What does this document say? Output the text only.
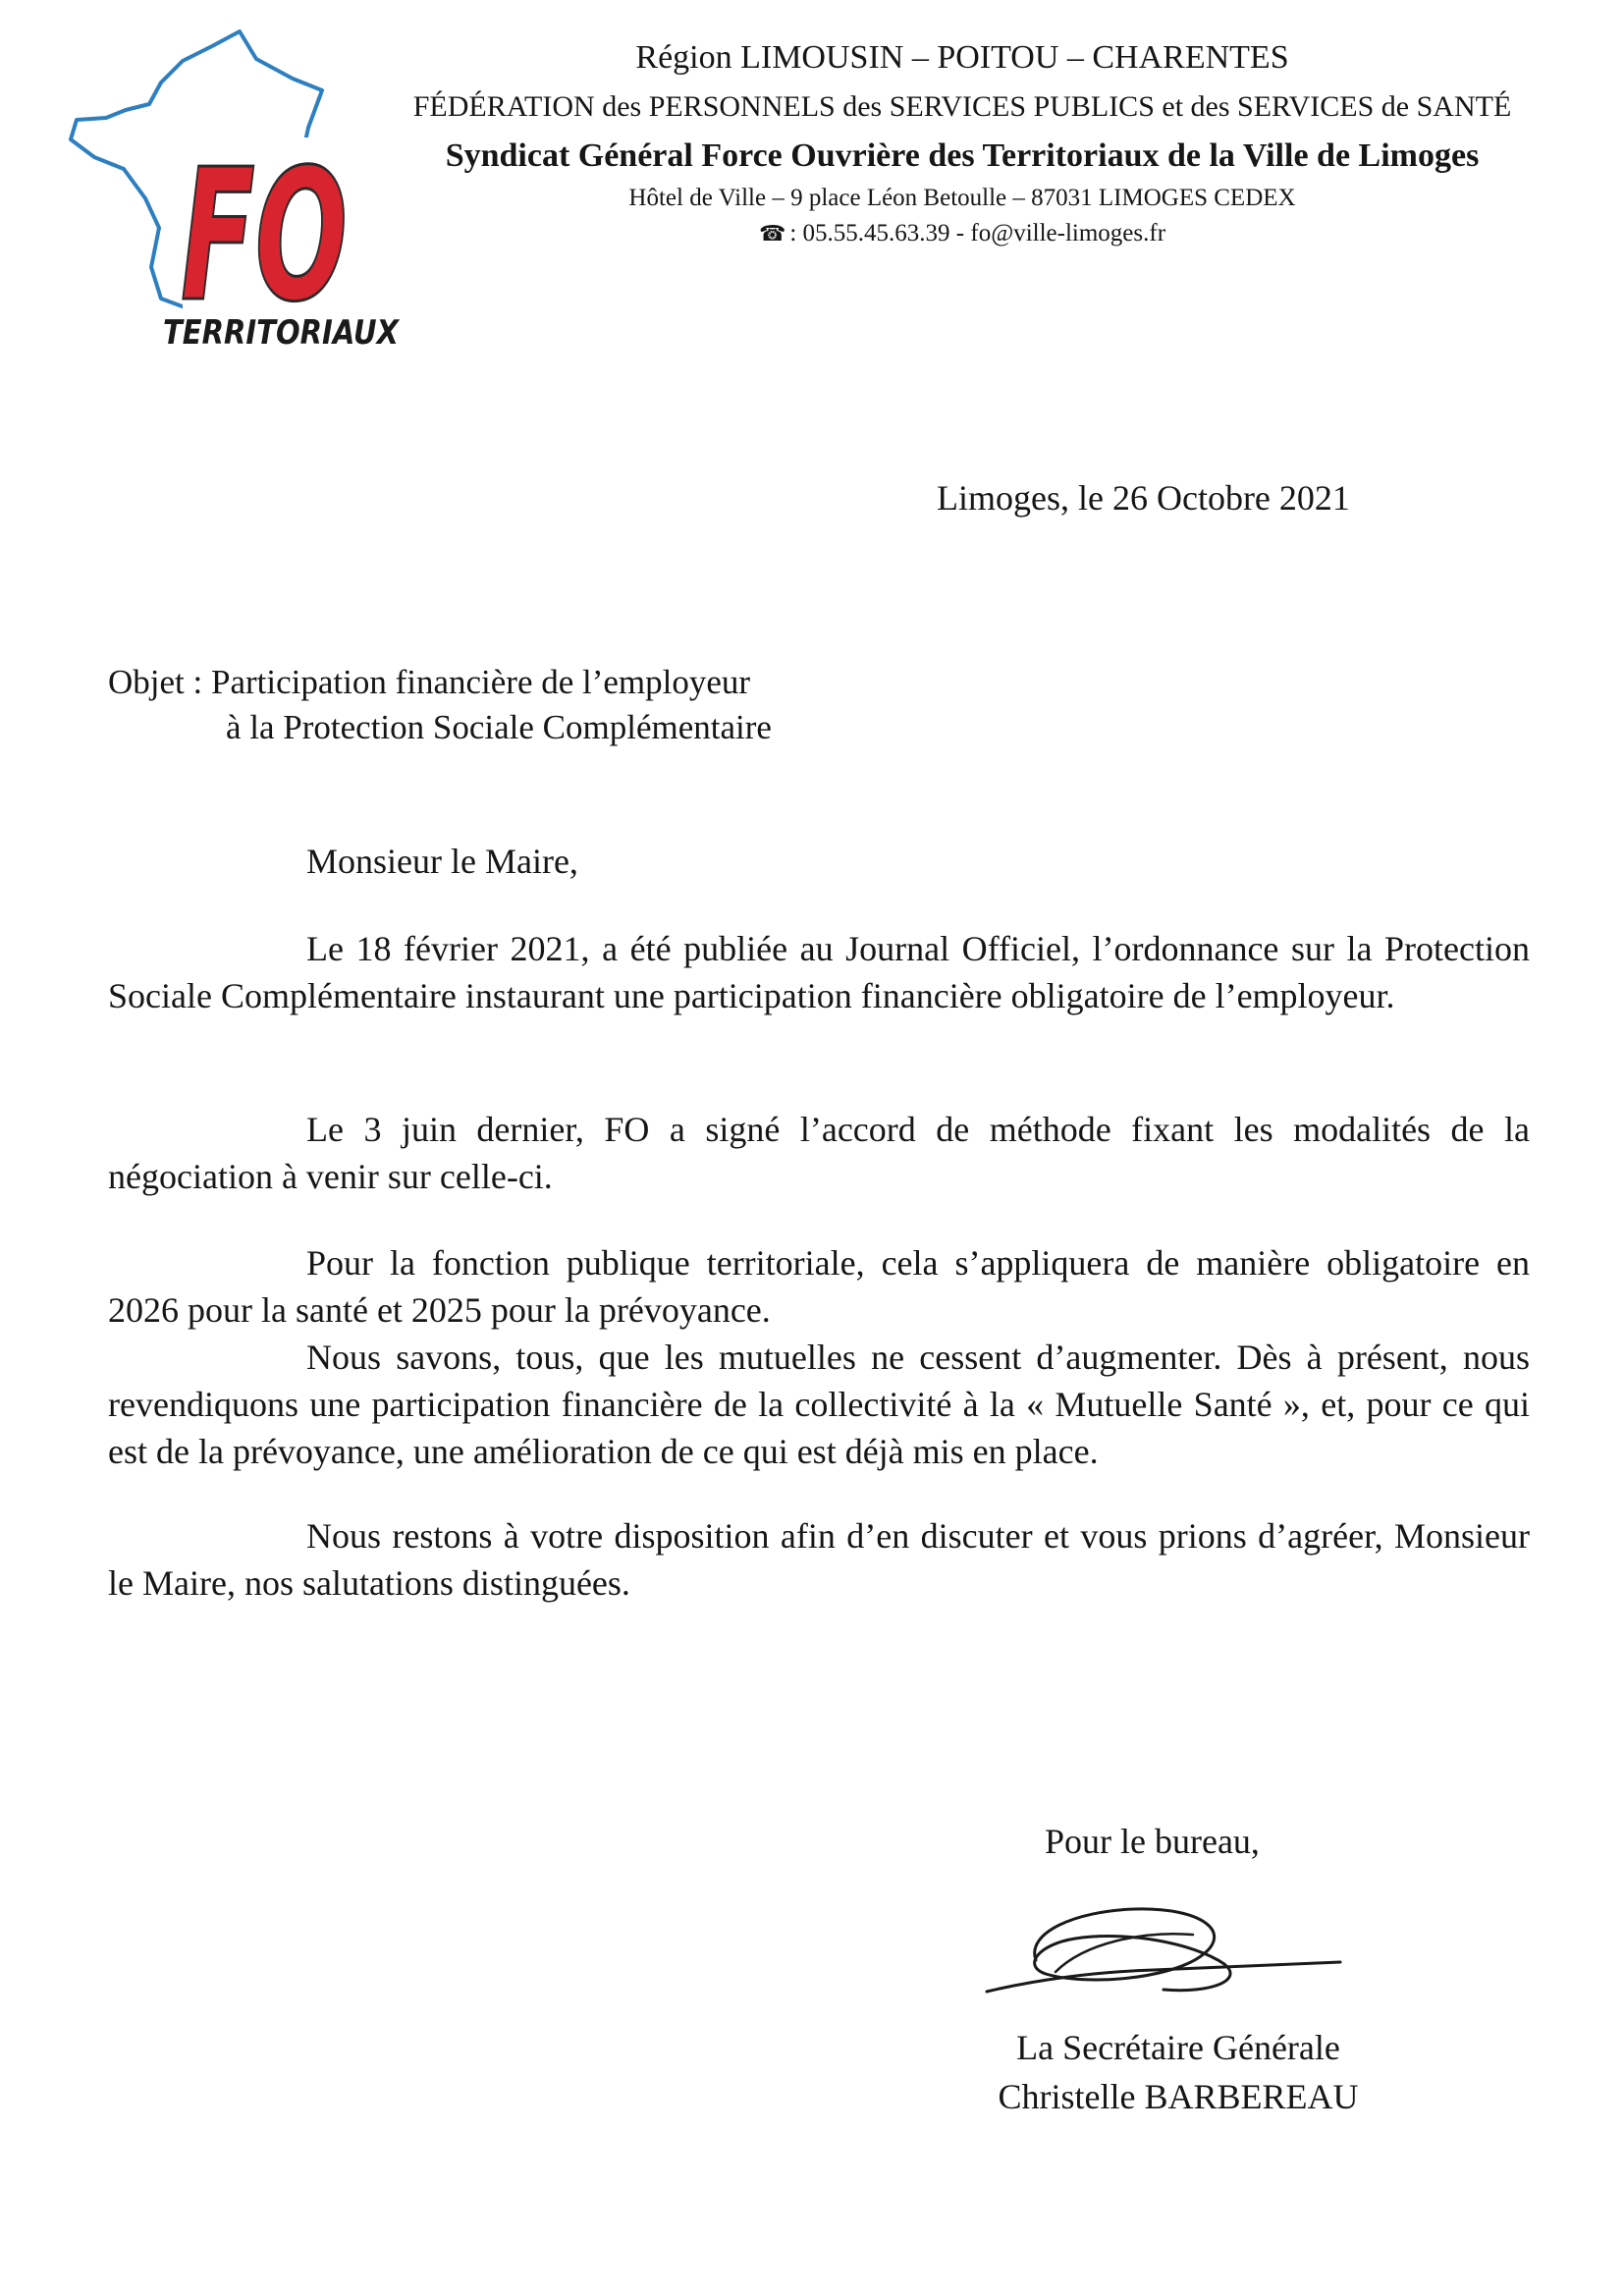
FO
TERRITORIAUX
Région LIMOUSIN – POITOU – CHARENTES
FÉDÉRATION des PERSONNELS des SERVICES PUBLICS et des SERVICES de SANTÉ
Syndicat Général Force Ouvrière des Territoriaux de la Ville de Limoges
Hôtel de Ville – 9 place Léon Betoulle – 87031 LIMOGES CEDEX
☎ : 05.55.45.63.39 - fo@ville-limoges.fr
Limoges, le 26 Octobre 2021
Objet : Participation financière de l’employeur
à la Protection Sociale Complémentaire
Monsieur le Maire,

Le 18 février 2021, a été publiée au Journal Officiel, l’ordonnance sur la Protection Sociale Complémentaire instaurant une participation financière obligatoire de l’employeur.

Le 3 juin dernier, FO a signé l’accord de méthode fixant les modalités de la négociation à venir sur celle-ci.

Pour la fonction publique territoriale, cela s’appliquera de manière obligatoire en 2026 pour la santé et 2025 pour la prévoyance.

Nous savons, tous, que les mutuelles ne cessent d’augmenter. Dès à présent, nous revendiquons une participation financière de la collectivité à la « Mutuelle Santé », et, pour ce qui est de la prévoyance, une amélioration de ce qui est déjà mis en place.

Nous restons à votre disposition afin d’en discuter et vous prions d’agréer, Monsieur le Maire, nos salutations distinguées.

Pour le bureau,
La Secrétaire Générale
Christelle BARBEREAU
